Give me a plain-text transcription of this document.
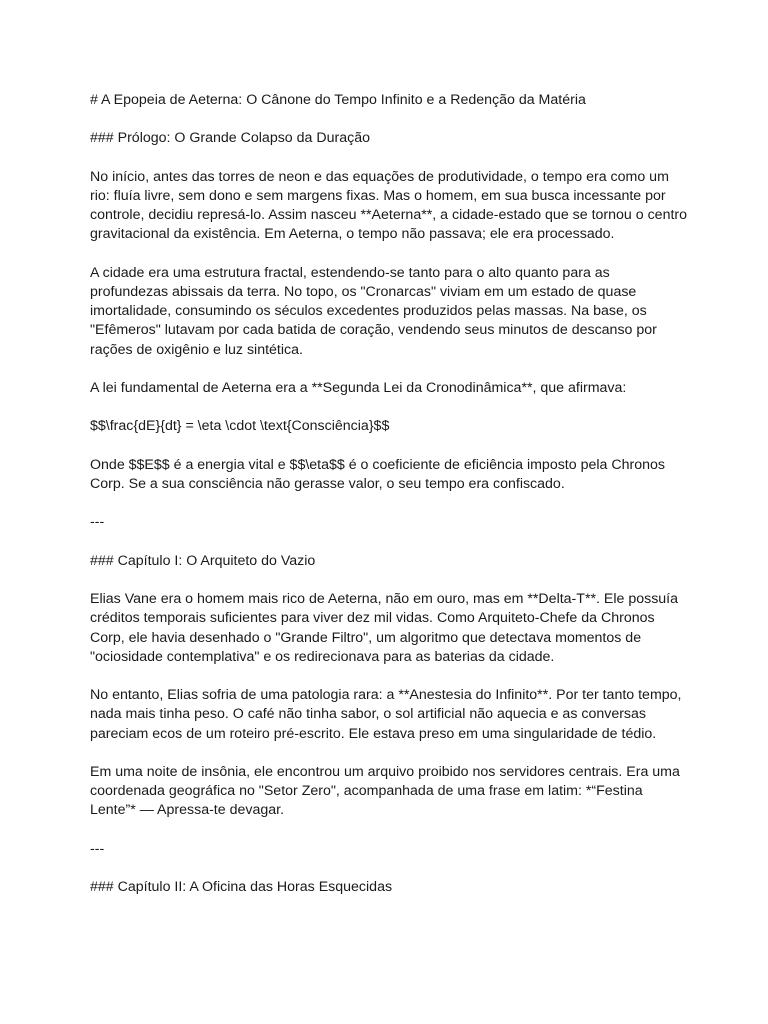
# A Epopeia de Aeterna: O Cânone do Tempo Infinito e a Redenção da Matéria

### Prólogo: O Grande Colapso da Duração

No início, antes das torres de neon e das equações de produtividade, o tempo era como um rio: fluía livre, sem dono e sem margens fixas. Mas o homem, em sua busca incessante por controle, decidiu represá-lo. Assim nasceu **Aeterna**, a cidade-estado que se tornou o centro gravitacional da existência. Em Aeterna, o tempo não passava; ele era processado.

A cidade era uma estrutura fractal, estendendo-se tanto para o alto quanto para as profundezas abissais da terra. No topo, os "Cronarcas" viviam em um estado de quase imortalidade, consumindo os séculos excedentes produzidos pelas massas. Na base, os "Efêmeros" lutavam por cada batida de coração, vendendo seus minutos de descanso por rações de oxigênio e luz sintética.

A lei fundamental de Aeterna era a **Segunda Lei da Cronodinâmica**, que afirmava:

$$\frac{dE}{dt} = \eta \cdot \text{Consciência}$$

Onde $$E$$ é a energia vital e $$\eta$$ é o coeficiente de eficiência imposto pela Chronos Corp. Se a sua consciência não gerasse valor, o seu tempo era confiscado.

---

### Capítulo I: O Arquiteto do Vazio

Elias Vane era o homem mais rico de Aeterna, não em ouro, mas em **Delta-T**. Ele possuía créditos temporais suficientes para viver dez mil vidas. Como Arquiteto-Chefe da Chronos Corp, ele havia desenhado o "Grande Filtro", um algoritmo que detectava momentos de "ociosidade contemplativa" e os redirecionava para as baterias da cidade.

No entanto, Elias sofria de uma patologia rara: a **Anestesia do Infinito**. Por ter tanto tempo, nada mais tinha peso. O café não tinha sabor, o sol artificial não aquecia e as conversas pareciam ecos de um roteiro pré-escrito. Ele estava preso em uma singularidade de tédio.

Em uma noite de insônia, ele encontrou um arquivo proibido nos servidores centrais. Era uma coordenada geográfica no "Setor Zero", acompanhada de uma frase em latim: *“Festina Lente”* — Apressa-te devagar.

---

### Capítulo II: A Oficina das Horas Esquecidas
